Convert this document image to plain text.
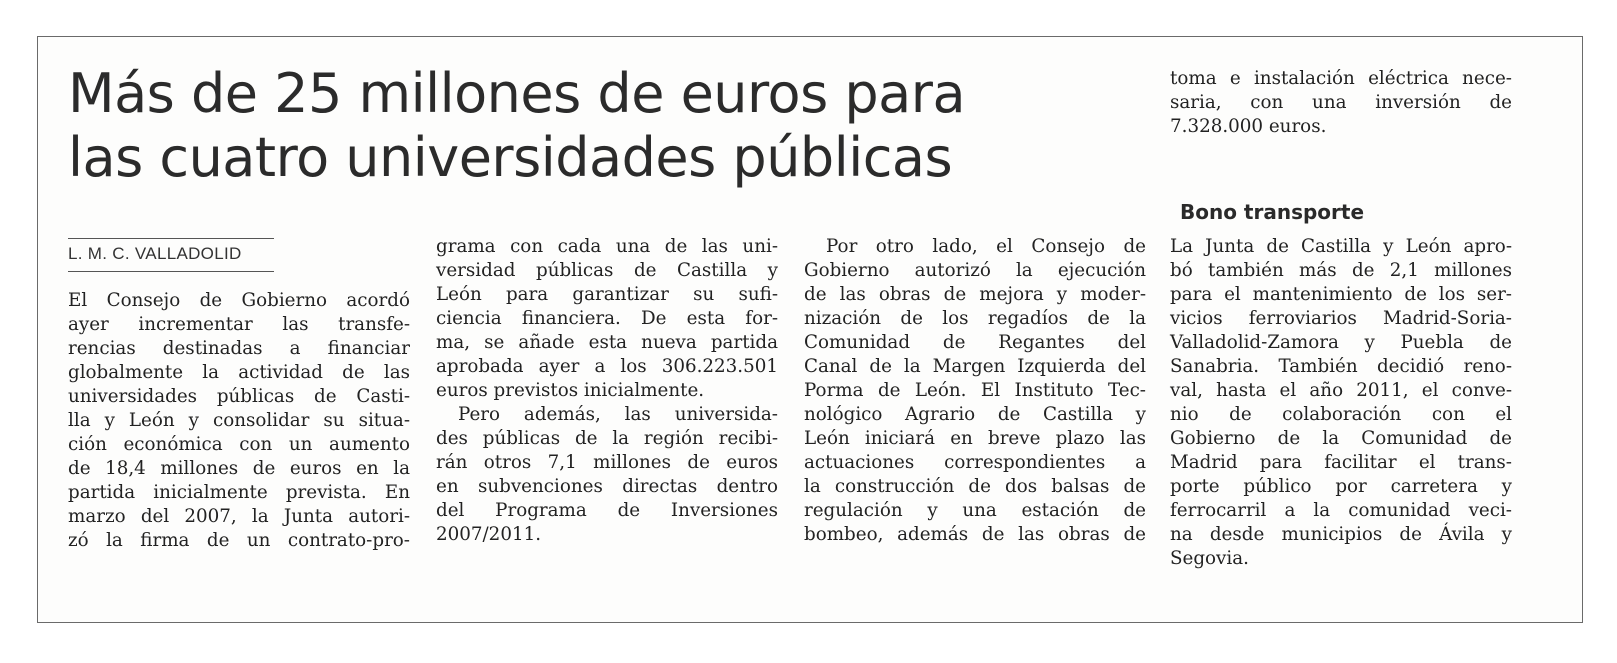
Más de 25 millones de euros para
las cuatro universidades públicas
L. M. C. VALLADOLID
El Consejo de Gobierno acordó
ayer incrementar las transfe-
rencias destinadas a financiar
globalmente la actividad de las
universidades públicas de Casti-
lla y León y consolidar su situa-
ción económica con un aumento
de 18,4 millones de euros en la
partida inicialmente prevista. En
marzo del 2007, la Junta autori-
zó la firma de un contrato-pro-
grama con cada una de las uni-
versidad públicas de Castilla y
León para garantizar su sufi-
ciencia financiera. De esta for-
ma, se añade esta nueva partida
aprobada ayer a los 306.223.501
euros previstos inicialmente.
Pero además, las universida-
des públicas de la región recibi-
rán otros 7,1 millones de euros
en subvenciones directas dentro
del Programa de Inversiones
2007/2011.
Por otro lado, el Consejo de
Gobierno autorizó la ejecución
de las obras de mejora y moder-
nización de los regadíos de la
Comunidad de Regantes del
Canal de la Margen Izquierda del
Porma de León. El Instituto Tec-
nológico Agrario de Castilla y
León iniciará en breve plazo las
actuaciones correspondientes a
la construcción de dos balsas de
regulación y una estación de
bombeo, además de las obras de
toma e instalación eléctrica nece-
saria, con una inversión de
7.328.000 euros.
Bono transporte
La Junta de Castilla y León apro-
bó también más de 2,1 millones
para el mantenimiento de los ser-
vicios ferroviarios Madrid-Soria-
Valladolid-Zamora y Puebla de
Sanabria. También decidió reno-
val, hasta el año 2011, el conve-
nio de colaboración con el
Gobierno de la Comunidad de
Madrid para facilitar el trans-
porte público por carretera y
ferrocarril a la comunidad veci-
na desde municipios de Ávila y
Segovia.
